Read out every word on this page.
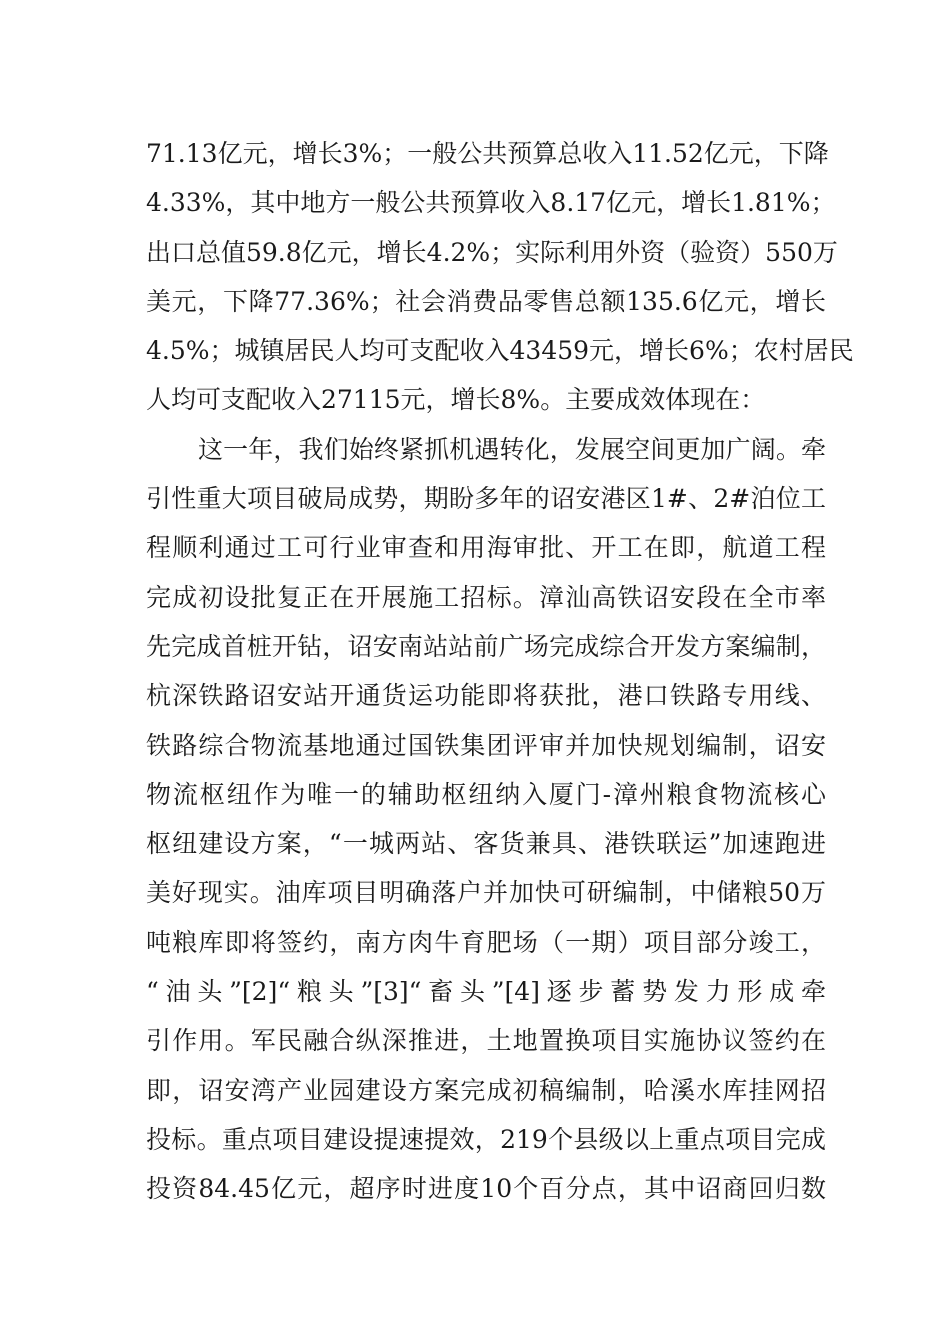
71.13亿元，增长3%；一般公共预算总收入11.52亿元，下降
4.33%，其中地方一般公共预算收入8.17亿元，增长1.81%；
出口总值59.8亿元，增长4.2%；实际利用外资（验资）550万
美元，下降77.36%；社会消费品零售总额135.6亿元，增长
4.5%；城镇居民人均可支配收入43459元，增长6%；农村居民
人均可支配收入27115元，增长8%。主要成效体现在：
这一年，我们始终紧抓机遇转化，发展空间更加广阔。牵
引性重大项目破局成势，期盼多年的诏安港区1#、2#泊位工
程顺利通过工可行业审查和用海审批、开工在即，航道工程
完成初设批复正在开展施工招标。漳汕高铁诏安段在全市率
先完成首桩开钻，诏安南站站前广场完成综合开发方案编制，
杭深铁路诏安站开通货运功能即将获批，港口铁路专用线、
铁路综合物流基地通过国铁集团评审并加快规划编制，诏安
物流枢纽作为唯一的辅助枢纽纳入厦门-漳州粮食物流核心
枢纽建设方案，“一城两站、客货兼具、港铁联运”加速跑进
美好现实。油库项目明确落户并加快可研编制，中储粮50万
吨粮库即将签约，南方肉牛育肥场（一期）项目部分竣工，
“油头”[2]“粮头”[3]“畜头”[4]逐步蓄势发力形成牵
引作用。军民融合纵深推进，土地置换项目实施协议签约在
即，诏安湾产业园建设方案完成初稿编制，哈溪水库挂网招
投标。重点项目建设提速提效，219个县级以上重点项目完成
投资84.45亿元，超序时进度10个百分点，其中诏商回归数
